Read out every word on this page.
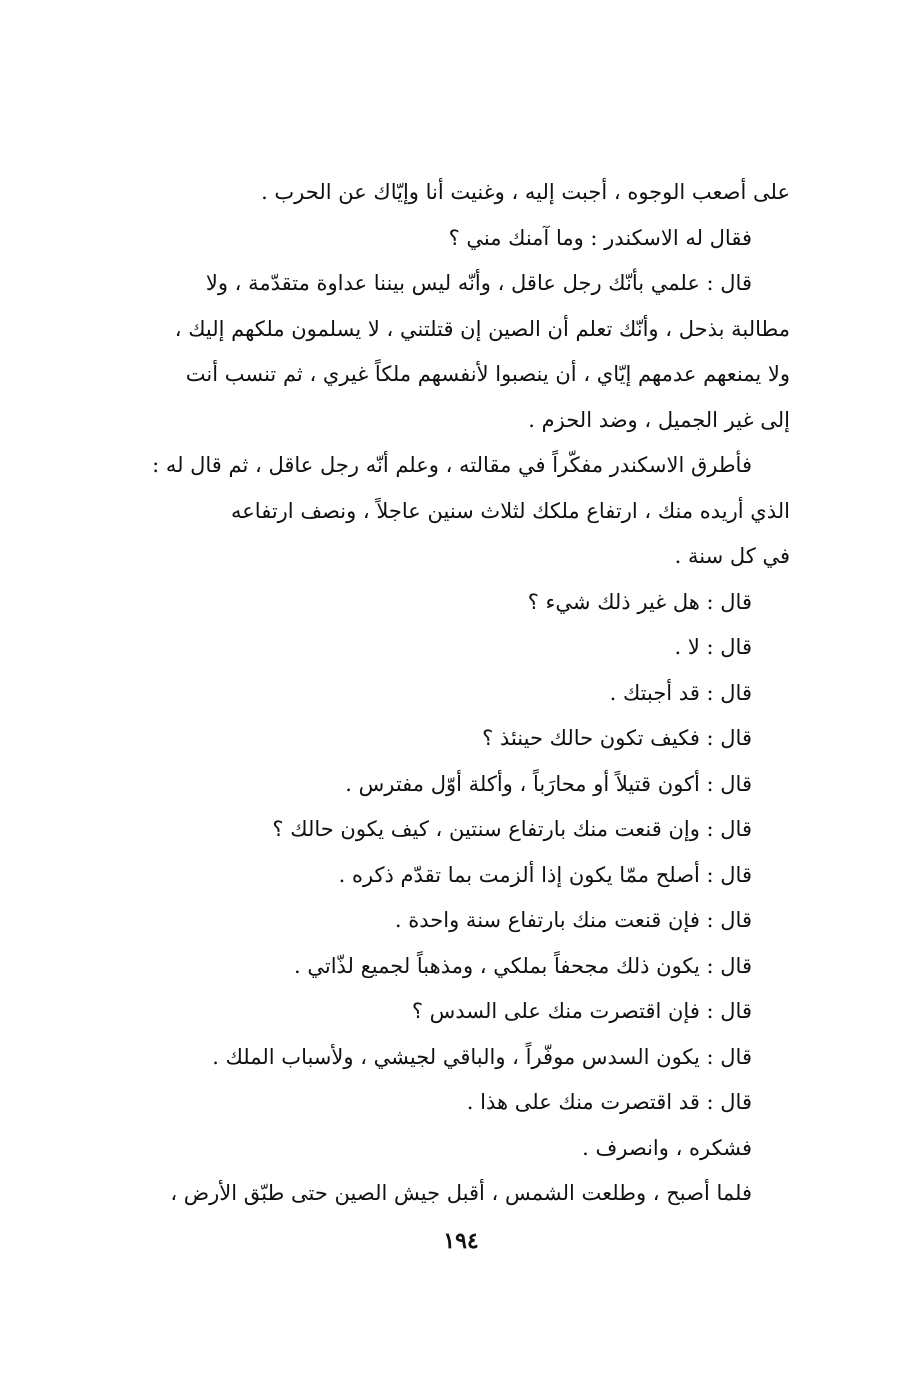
على أصعب الوجوه ، أجبت إليه ، وغنيت أنا وإيّاك عن الحرب .
فقال له الاسكندر : وما آمنك مني ؟
قال : علمي بأنّك رجل عاقل ، وأنّه ليس بيننا عداوة متقدّمة ، ولا
مطالبة بذحل ، وأنّك تعلم أن الصين إن قتلتني ، لا يسلمون ملكهم إليك ،
ولا يمنعهم عدمهم إيّاي ، أن ينصبوا لأنفسهم ملكاً غيري ، ثم تنسب أنت
إلى غير الجميل ، وضد الحزم .
فأطرق الاسكندر مفكّراً في مقالته ، وعلم أنّه رجل عاقل ، ثم قال له :
الذي أريده منك ، ارتفاع ملكك لثلاث سنين عاجلاً ، ونصف ارتفاعه
في كل سنة .
قال : هل غير ذلك شيء ؟
قال : لا .
قال : قد أجبتك .
قال : فكيف تكون حالك حينئذ ؟
قال : أكون قتيلاً أو محارَباً ، وأكلة أوّل مفترس .
قال : وإن قنعت منك بارتفاع سنتين ، كيف يكون حالك ؟
قال : أصلح ممّا يكون إذا ألزمت بما تقدّم ذكره .
قال : فإن قنعت منك بارتفاع سنة واحدة .
قال : يكون ذلك مجحفاً بملكي ، ومذهباً لجميع لذّاتي .
قال : فإن اقتصرت منك على السدس ؟
قال : يكون السدس موفّراً ، والباقي لجيشي ، ولأسباب الملك .
قال : قد اقتصرت منك على هذا .
فشكره ، وانصرف .
فلما أصبح ، وطلعت الشمس ، أقبل جيش الصين حتى طبّق الأرض ،
١٩٤
